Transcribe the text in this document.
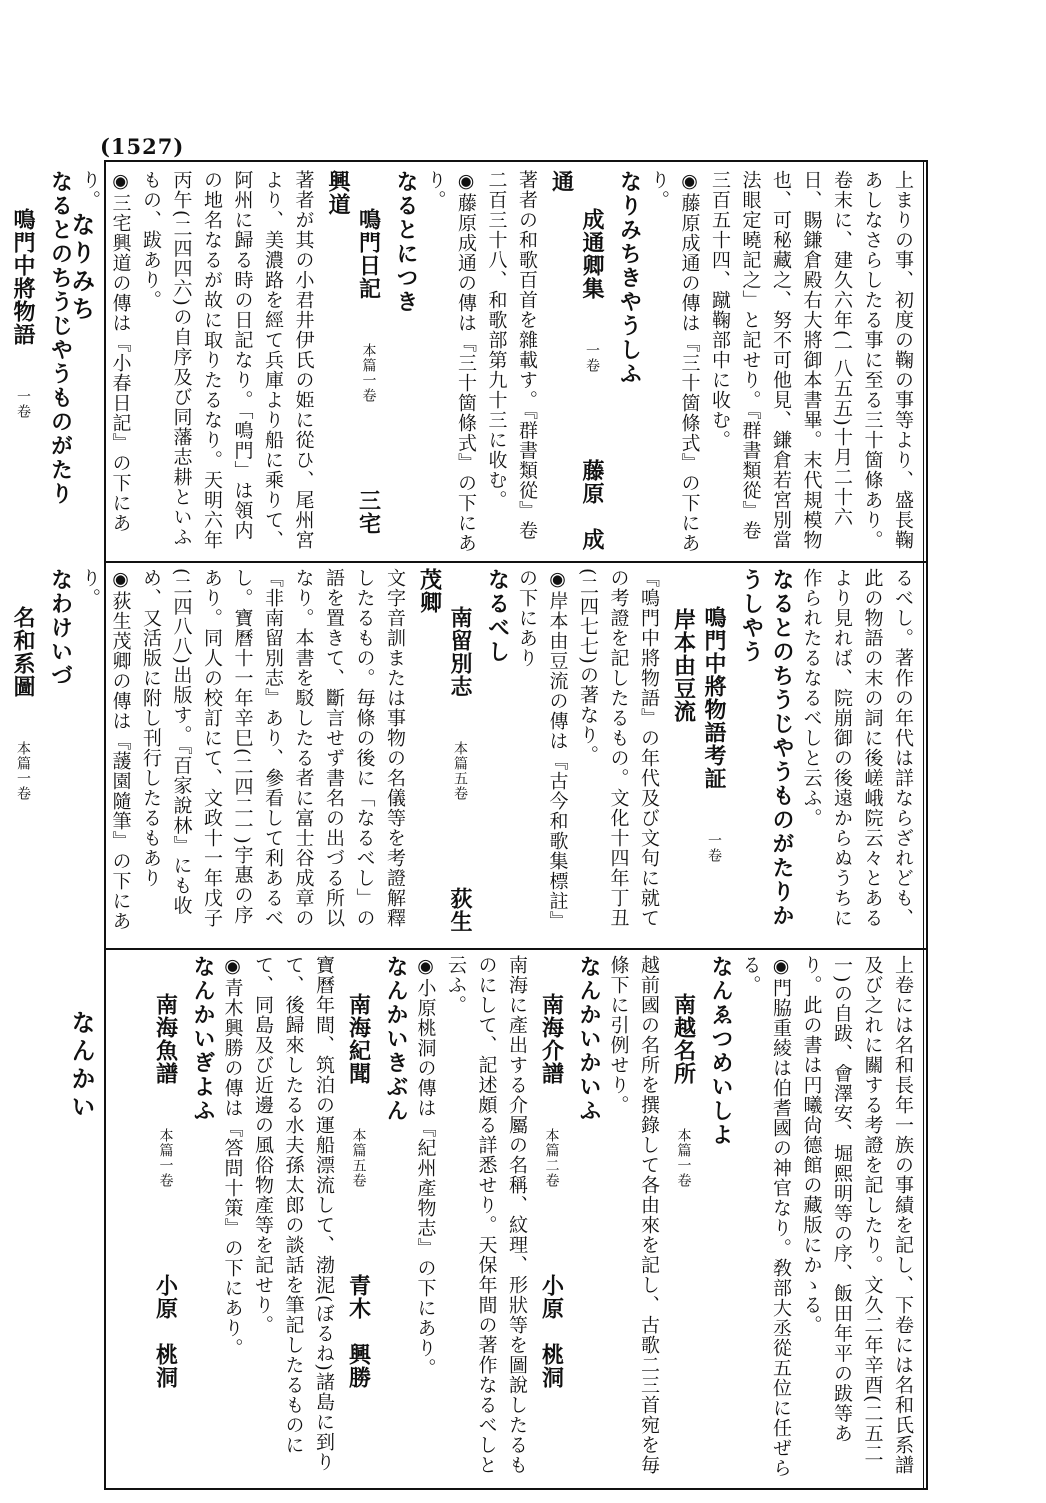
(1527)
なりみち
なんかい
上まりの事、初度の鞠の事等より、盛長鞠あしなさらしたる事に至る三十箇條あり。卷末に、建久六年(一八五五)十月二十六日、賜鎌倉殿右大將御本書畢。末代規模物也、可秘藏之、努不可他見、鎌倉若宮別當法眼定曉記之」と記せり。『群書類從』卷三百五十四、蹴鞠部中に收む。
◉藤原成通の傳は『三十箇條式』の下にあり。
なりみちきやうしふ
成通卿集　一卷　　藤原　成通
著者の和歌百首を雜載す。『群書類從』卷二百三十八、和歌部第九十三に收む。
◉藤原成通の傳は『三十箇條式』の下にあり。
なるとにつき
鳴門日記　本篇一卷　　三宅　興道
著者が其の小君井伊氏の姫に從ひ、尾州宮より、美濃路を經て兵庫より船に乘りて、阿州に歸る時の日記なり。「鳴門」は領内の地名なるが故に取りたるなり。天明六年丙午(二四四六)の自序及び同藩志耕といふもの、跋あり。
◉三宅興道の傳は『小春日記』の下にあり。
なるとのちうじやうものがたり
鳴門中將物語　一卷
るべし。著作の年代は詳ならざれども、此の物語の末の詞に後嵯峨院云々とあるより見れば、院崩御の後遠からぬうちに作られたるなるべしと云ふ。
なるとのちうじやうものがたりかうしやう
鳴門中將物語考証　一卷　　岸本由豆流
『鳴門中將物語』の年代及び文句に就ての考證を記したるもの。文化十四年丁丑(二四七七)の著なり。
◉岸本由豆流の傳は『古今和歌集標註』の下にあり
なるべし
南留別志　本篇五卷　　荻生　茂卿
文字音訓または事物の名儀等を考證解釋したるもの。毎條の後に「なるべし」の語を置きて、斷言せず書名の出づる所以なり。本書を駁したる者に富士谷成章の『非南留別志』あり、參看して利あるべし。寶曆十一年辛巳(二四二一)宇惠の序あり。同人の校訂にて、文政十一年戊子(二四八八)出版す。『百家說林』にも收め、又活版に附し刊行したるもあり
◉荻生茂卿の傳は『蘐園隨筆』の下にあり。
なわけいづ
名和系圖　本篇一卷

上卷には名和長年一族の事績を記し、下卷には名和氏系譜及び之れに關する考證を記したり。文久二年辛酉(二五二一)の自跋、會澤安、堀熙明等の序、飯田年平の跋等あり。此の書は円曦尙德館の藏版にかゝる。
◉門脇重綾は伯耆國の神官なり。敎部大丞從五位に任ぜらる。
なんゑつめいしよ
南越名所　本篇一卷
越前國の名所を撰錄して各由來を記し、古歌二三首宛を毎條下に引例せり。
なんかいかいふ
南海介譜　本篇二卷　　小原　桃洞
南海に產出する介屬の名稱、紋理、形狀等を圖說したるものにして、記述頗る詳悉せり。天保年間の著作なるべしと云ふ。
◉小原桃洞の傳は『紀州產物志』の下にあり。
なんかいきぶん
南海紀聞　本篇五卷　　青木　興勝
寶曆年間、筑泊の運船漂流して、渤泥(ぼるね)諸島に到りて、後歸來したる水夫孫太郎の談話を筆記したるものにて、同島及び近邊の風俗物產等を記せり。
◉青木興勝の傳は『答問十策』の下にあり。
なんかいぎよふ
南海魚譜　本篇一卷　　小原　桃洞
